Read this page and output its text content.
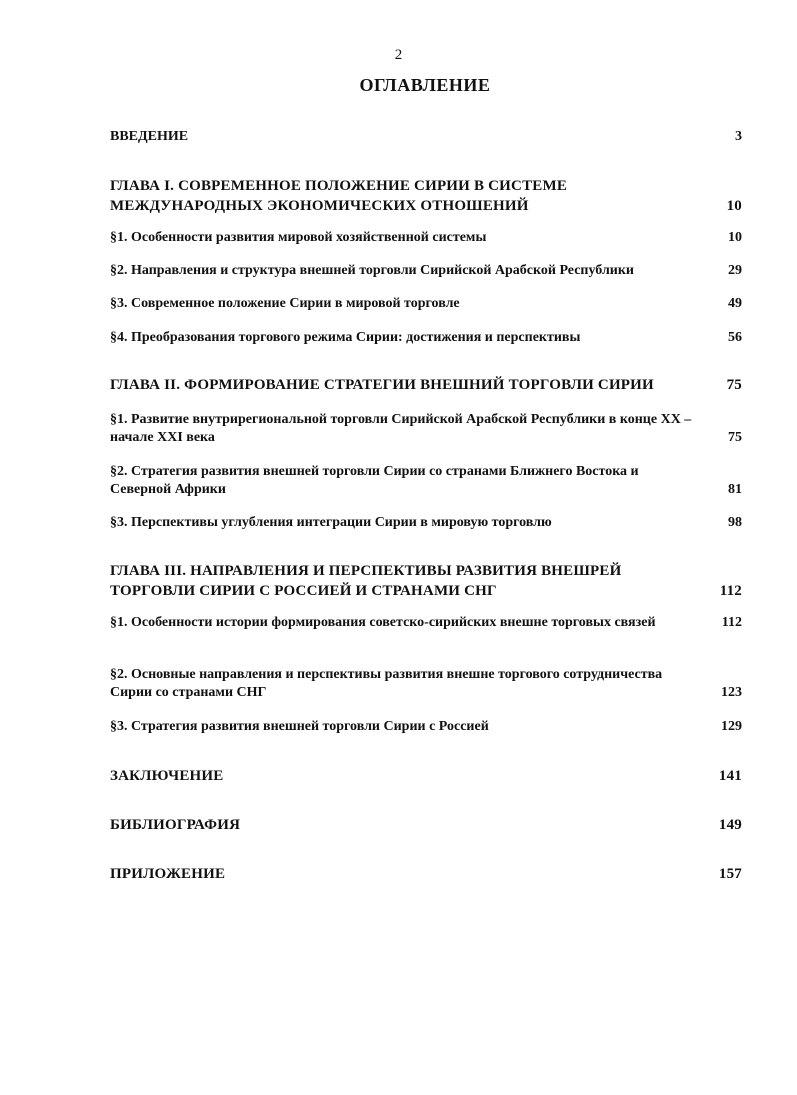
2
ОГЛАВЛЕНИЕ
ВВЕДЕНИЕ	3
ГЛАВА I. СОВРЕМЕННОЕ ПОЛОЖЕНИЕ СИРИИ В СИСТЕМЕ МЕЖДУНАРОДНЫХ ЭКОНОМИЧЕСКИХ ОТНОШЕНИЙ	10
§1. Особенности развития мировой хозяйственной системы	10
§2. Направления и структура внешней торговли Сирийской Арабской Республики	29
§3. Современное положение Сирии в мировой торговле	49
§4. Преобразования торгового режима Сирии: достижения и перспективы	56
ГЛАВА II. ФОРМИРОВАНИЕ СТРАТЕГИИ ВНЕШНИЙ ТОРГОВЛИ СИРИИ	75
§1. Развитие внутрирегиональной торговли Сирийской Арабской Республики в конце XX – начале XXI века	75
§2. Стратегия развития внешней торговли Сирии со странами Ближнего Востока и Северной Африки	81
§3. Перспективы углубления интеграции Сирии в мировую торговлю	98
ГЛАВА III. НАПРАВЛЕНИЯ И ПЕРСПЕКТИВЫ РАЗВИТИЯ ВНЕШРЕЙ ТОРГОВЛИ СИРИИ С РОССИЕЙ И СТРАНАМИ СНГ	112
§1. Особенности истории формирования советско-сирийских внешне торговых связей	112
§2. Основные направления и перспективы развития внешне торгового сотрудничества Сирии со странами СНГ	123
§3. Стратегия развития внешней торговли Сирии с Россией	129
ЗАКЛЮЧЕНИЕ	141
БИБЛИОГРАФИЯ	149
ПРИЛОЖЕНИЕ	157
